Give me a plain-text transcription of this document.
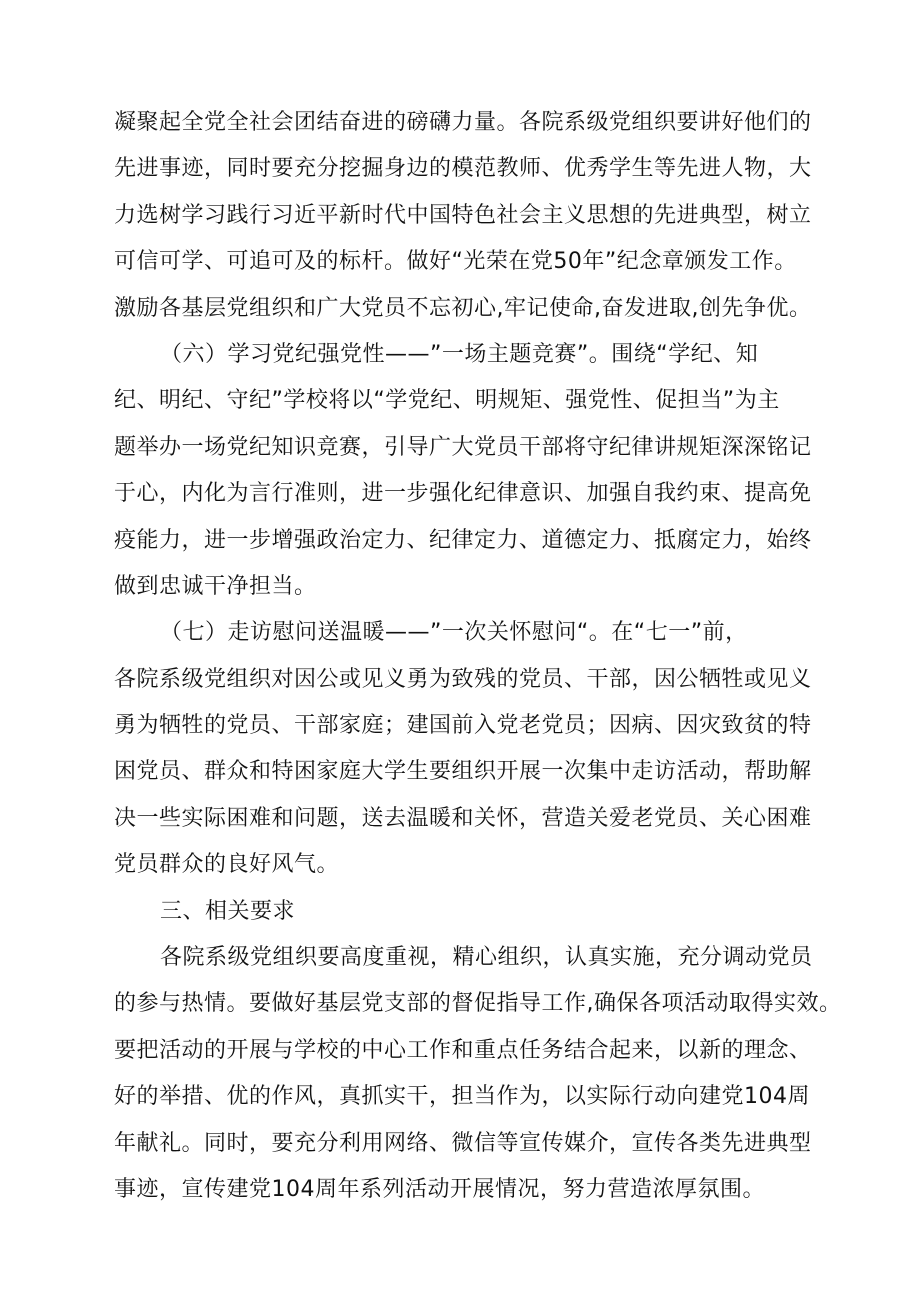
凝聚起全党全社会团结奋进的磅礴力量。各院系级党组织要讲好他们的
先进事迹，同时要充分挖掘身边的模范教师、优秀学生等先进人物，大
力选树学习践行习近平新时代中国特色社会主义思想的先进典型，树立
可信可学、可追可及的标杆。做好“光荣在党50年”纪念章颁发工作。
激励各基层党组织和广大党员不忘初心,牢记使命,奋发进取,创先争优。
（六）学习党纪强党性——”一场主题竞赛”。围绕“学纪、知
纪、明纪、守纪”学校将以“学党纪、明规矩、强党性、促担当”为主
题举办一场党纪知识竞赛，引导广大党员干部将守纪律讲规矩深深铭记
于心，内化为言行准则，进一步强化纪律意识、加强自我约束、提高免
疫能力，进一步增强政治定力、纪律定力、道德定力、抵腐定力，始终
做到忠诚干净担当。
（七）走访慰问送温暖——”一次关怀慰问“。在“七一”前，
各院系级党组织对因公或见义勇为致残的党员、干部，因公牺牲或见义
勇为牺牲的党员、干部家庭；建国前入党老党员；因病、因灾致贫的特
困党员、群众和特困家庭大学生要组织开展一次集中走访活动，帮助解
决一些实际困难和问题，送去温暖和关怀，营造关爱老党员、关心困难
党员群众的良好风气。
三、相关要求
各院系级党组织要高度重视，精心组织，认真实施，充分调动党员
的参与热情。要做好基层党支部的督促指导工作,确保各项活动取得实效。
要把活动的开展与学校的中心工作和重点任务结合起来，以新的理念、
好的举措、优的作风，真抓实干，担当作为，以实际行动向建党104周
年献礼。同时，要充分利用网络、微信等宣传媒介，宣传各类先进典型
事迹，宣传建党104周年系列活动开展情况，努力营造浓厚氛围。
